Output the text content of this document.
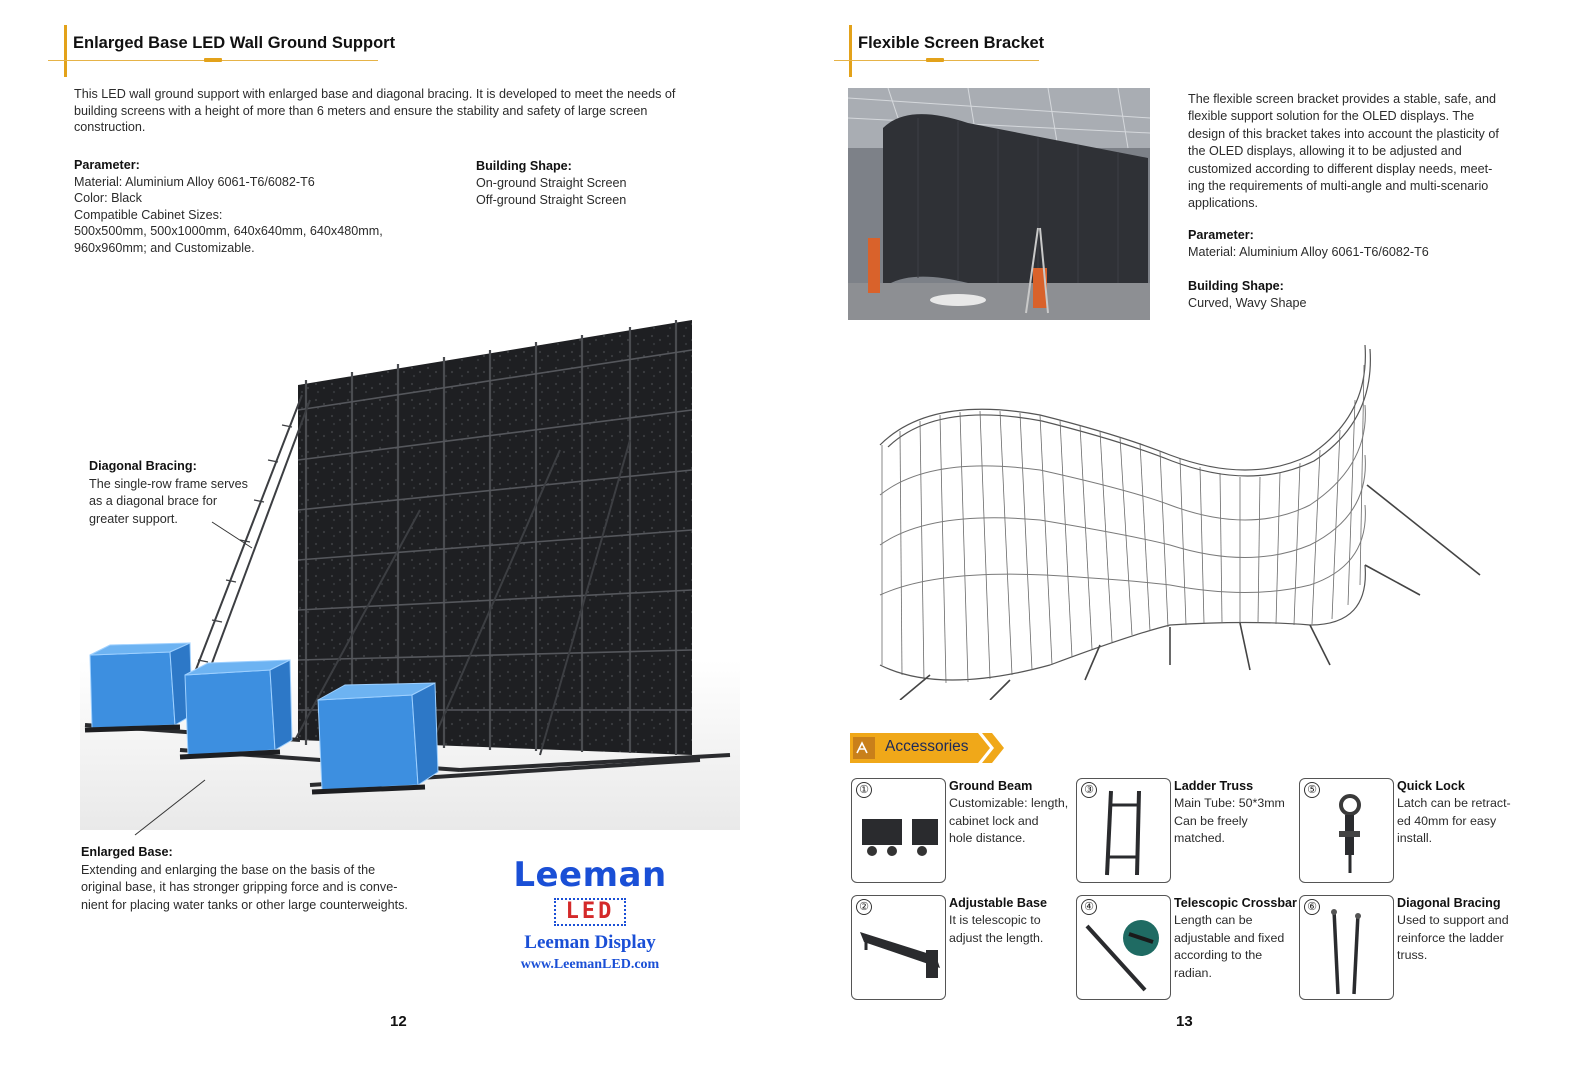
Enlarged Base LED Wall Ground Support
This LED wall ground support with enlarged base and diagonal bracing. It is developed to meet the needs of
building screens with a height of more than 6 meters and ensure the stability and safety of large screen
construction.
Parameter:
Material: Aluminium Alloy 6061-T6/6082-T6
Color: Black
Compatible Cabinet Sizes:
500x500mm, 500x1000mm, 640x640mm, 640x480mm,
960x960mm; and Customizable.
Building Shape:
On-ground Straight Screen
Off-ground Straight Screen
Diagonal Bracing:
The single-row frame serves
as a diagonal brace for
greater support.
Enlarged Base:
Extending and enlarging the base on the basis of the
original base, it has stronger gripping force and is conve-
nient for placing water tanks or other large counterweights.
Leeman
LED
Leeman Display
www.LeemanLED.com
12
Flexible Screen Bracket
The flexible screen bracket provides a stable, safe, and
flexible support solution for the OLED displays. The
design of this bracket takes into account the plasticity of
the OLED displays, allowing it to be adjusted and
customized according to different display needs, meet-
ing the requirements of multi-angle and multi-scenario
applications.
Parameter:
Material: Aluminium Alloy 6061-T6/6082-T6
Building Shape:
Curved, Wavy Shape
Accessories
①	Ground Beam
Customizable: length,
cabinet lock and
hole distance.
②	Adjustable Base
It is telescopic to
adjust the length.
③	Ladder Truss
Main Tube: 50*3mm
Can be freely
matched.
④	Telescopic Crossbar
Length can be
adjustable and fixed
according to the
radian.
⑤	Quick Lock
Latch can be retract-
ed 40mm for easy
install.
⑥	Diagonal Bracing
Used to support and
reinforce the ladder
truss.
13
